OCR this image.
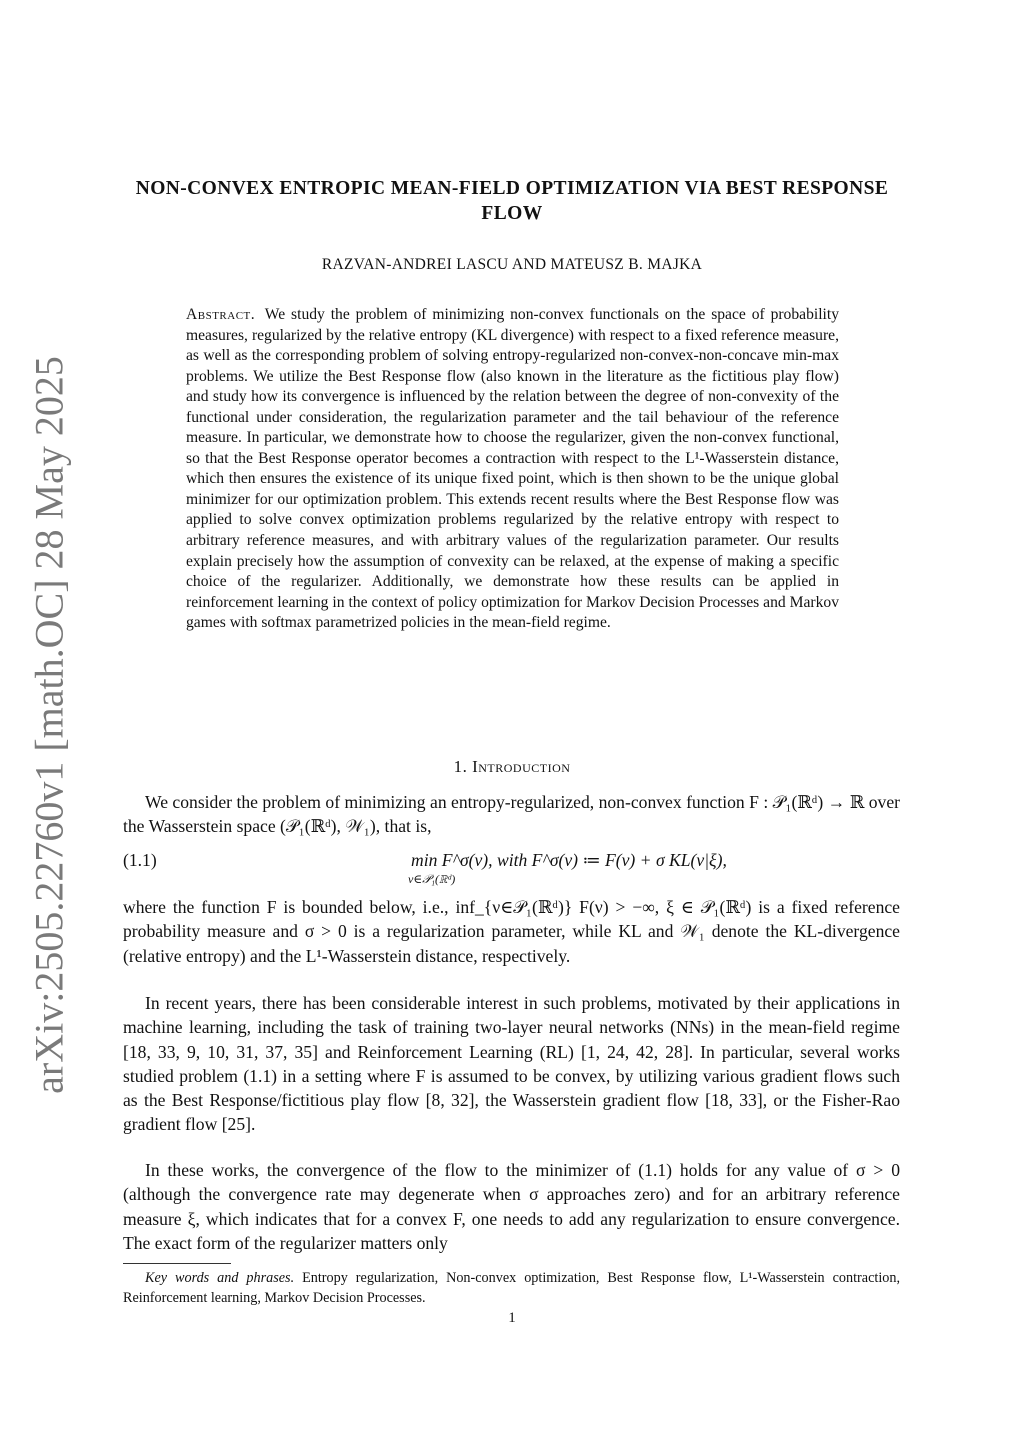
arXiv:2505.22760v1 [math.OC] 28 May 2025
NON-CONVEX ENTROPIC MEAN-FIELD OPTIMIZATION VIA BEST RESPONSE FLOW
RAZVAN-ANDREI LASCU AND MATEUSZ B. MAJKA
Abstract. We study the problem of minimizing non-convex functionals on the space of probability measures, regularized by the relative entropy (KL divergence) with respect to a fixed reference measure, as well as the corresponding problem of solving entropy-regularized non-convex-non-concave min-max problems. We utilize the Best Response flow (also known in the literature as the fictitious play flow) and study how its convergence is influenced by the relation between the degree of non-convexity of the functional under consideration, the regularization parameter and the tail behaviour of the reference measure. In particular, we demonstrate how to choose the regularizer, given the non-convex functional, so that the Best Response operator becomes a contraction with respect to the L¹-Wasserstein distance, which then ensures the existence of its unique fixed point, which is then shown to be the unique global minimizer for our optimization problem. This extends recent results where the Best Response flow was applied to solve convex optimization problems regularized by the relative entropy with respect to arbitrary reference measures, and with arbitrary values of the regularization parameter. Our results explain precisely how the assumption of convexity can be relaxed, at the expense of making a specific choice of the regularizer. Additionally, we demonstrate how these results can be applied in reinforcement learning in the context of policy optimization for Markov Decision Processes and Markov games with softmax parametrized policies in the mean-field regime.
1. Introduction

We consider the problem of minimizing an entropy-regularized, non-convex function F : 𝒫₁(ℝᵈ) → ℝ over the Wasserstein space (𝒫₁(ℝᵈ), 𝒲₁), that is,

(1.1)	min F^σ(ν), with F^σ(ν) ≔ F(ν) + σ KL(ν|ξ),
ν∈𝒫₁(ℝᵈ)

where the function F is bounded below, i.e., inf_{ν∈𝒫₁(ℝᵈ)} F(ν) > −∞, ξ ∈ 𝒫₁(ℝᵈ) is a fixed reference probability measure and σ > 0 is a regularization parameter, while KL and 𝒲₁ denote the KL-divergence (relative entropy) and the L¹-Wasserstein distance, respectively.

In recent years, there has been considerable interest in such problems, motivated by their applications in machine learning, including the task of training two-layer neural networks (NNs) in the mean-field regime [18, 33, 9, 10, 31, 37, 35] and Reinforcement Learning (RL) [1, 24, 42, 28]. In particular, several works studied problem (1.1) in a setting where F is assumed to be convex, by utilizing various gradient flows such as the Best Response/fictitious play flow [8, 32], the Wasserstein gradient flow [18, 33], or the Fisher-Rao gradient flow [25].

In these works, the convergence of the flow to the minimizer of (1.1) holds for any value of σ > 0 (although the convergence rate may degenerate when σ approaches zero) and for an arbitrary reference measure ξ, which indicates that for a convex F, one needs to add any regularization to ensure convergence. The exact form of the regularizer matters only

Key words and phrases. Entropy regularization, Non-convex optimization, Best Response flow, L¹-Wasserstein contraction, Reinforcement learning, Markov Decision Processes.
1
